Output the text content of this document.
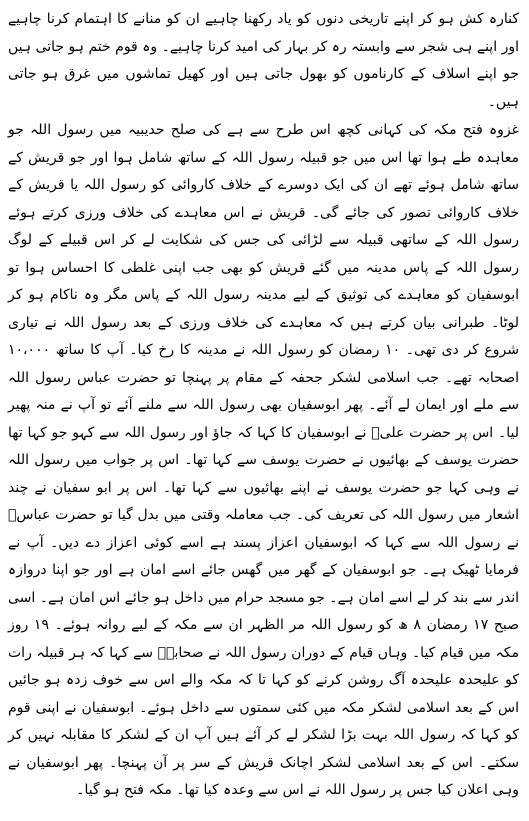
کنارہ کش ہو کر اپنے تاریخی دنوں کو یاد رکھنا چاہیے ان کو منانے کا اہتمام کرنا چاہیے اور اپنے ہی شجر سے وابستہ رہ کر بہار کی امید کرنا چاہیے۔ وہ قوم ختم ہو جاتی ہیں جو اپنے اسلاف کے کارناموں کو بھول جاتی ہیں اور کھیل تماشوں میں غرق ہو جاتی ہیں۔

غزوہ فتح مکہ کی کہانی کچھ اس طرح سے ہے کی صلح حدیبیہ میں رسول اللہ جو معاہدہ طے ہوا تھا اس میں جو قبیلہ رسول اللہ کے ساتھ شامل ہوا اور جو قریش کے ساتھ شامل ہوئے تھے ان کی ایک دوسرے کے خلاف کاروائی کو رسول اللہ یا قریش کے خلاف کاروائی تصور کی جائے گی۔ قریش نے اس معاہدے کی خلاف ورزی کرتے ہوئے رسول اللہ کے ساتھی قبیلہ سے لڑائی کی جس کی شکایت لے کر اس قبیلے کے لوگ رسول اللہ کے پاس مدینہ میں گئے قریش کو بھی جب اپنی غلطی کا احساس ہوا تو ابوسفیان کو معاہدے کی توثیق کے لیے مدینہ رسول اللہ کے پاس مگر وہ ناکام ہو کر لوٹا۔ طبرانی بیان کرتے ہیں کہ معاہدے کی خلاف ورزی کے بعد رسول اللہ نے تیاری شروع کر دی تھی۔ ۱۰ رمضان کو رسول اللہ نے مدینہ کا رخ کیا۔ آپ کا ساتھ ۱۰،۰۰۰ اصحابہ تھے۔ جب اسلامی لشکر جحفہ کے مقام پر پہنچا تو حضرت عباس رسول اللہ سے ملے اور ایمان لے آئے۔ پھر ابوسفیان بھی رسول اللہ سے ملنے آئے تو آپ نے منہ پھیر لیا۔ اس پر حضرت علیؓ نے ابوسفیان کا کہا کہ جاؤ اور رسول اللہ سے کہو جو کہا تھا حضرت یوسف کے بھائیوں نے حضرت یوسف سے کہا تھا۔ اس پر جواب میں رسول اللہ نے وہی کہا جو حضرت یوسف نے اپنے بھائیوں سے کہا تھا۔ اس پر ابو سفیان نے چند اشعار میں رسول اللہ کی تعریف کی۔ جب معاملہ وقتی میں بدل گیا تو حضرت عباسؓ نے رسول اللہ سے کہا کہ ابوسفیان اعزاز پسند ہے اسے کوئی اعزاز دے دیں۔ آپ نے فرمایا ٹھیک ہے۔ جو ابوسفیان کے گھر میں گھس جائے اسے امان ہے اور جو اپنا دروازہ اندر سے بند کر لے اسے امان ہے۔ جو مسجد حرام میں داخل ہو جائے اس امان ہے۔ اسی صبح ۱۷ رمضان ۸ ھ کو رسول اللہ مر الظہر ان سے مکہ کے لیے روانہ ہوئے۔ ۱۹ روز مکہ میں قیام کیا۔ وہاں قیام کے دوران رسول اللہ نے صحابہؓ سے کہا کہ ہر قبیلہ رات کو علیحدہ علیحدہ آگ روشن کرنے کو کہا تا کہ مکہ والے اس سے خوف زدہ ہو جائیں اس کے بعد اسلامی لشکر مکہ میں کئی سمتوں سے داخل ہوئے۔ ابوسفیان نے اپنی قوم کو کہا کہ رسول اللہ بہت بڑا لشکر لے کر آئے ہیں آپ ان کے لشکر کا مقابلہ نہیں کر سکتے۔ اس کے بعد اسلامی لشکر اچانک قریش کے سر پر آن پہنچا۔ پھر ابوسفیان نے وہی اعلان کیا جس پر رسول اللہ نے اس سے وعدہ کیا تھا۔ مکہ فتح ہو گیا۔
